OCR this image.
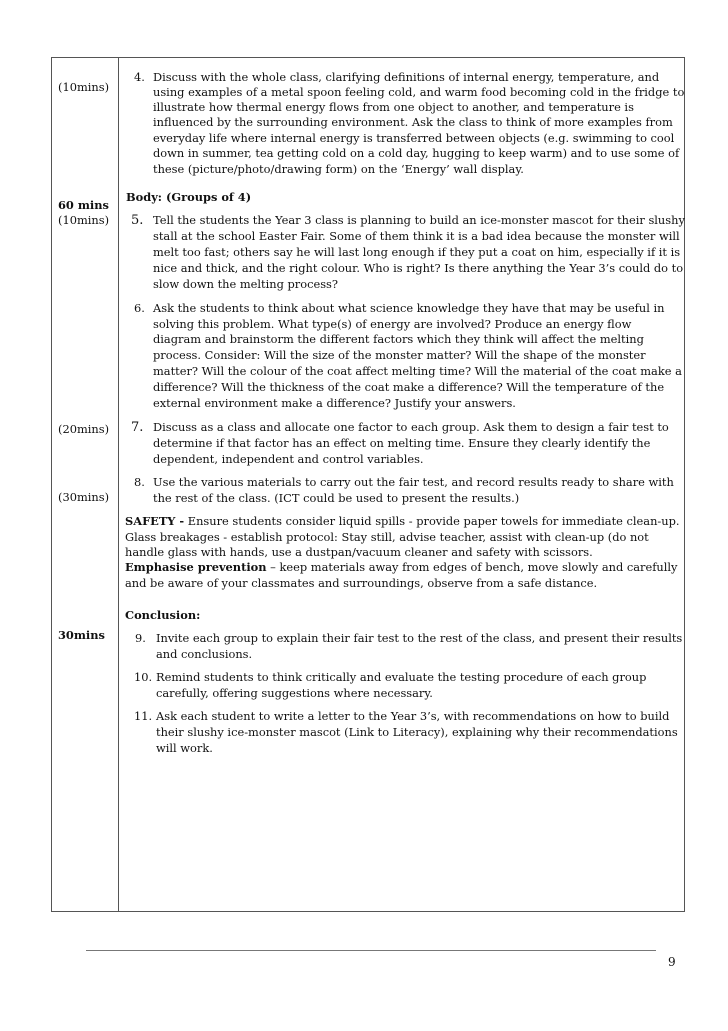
(10mins)
60 mins
(10mins)
(20mins)
(30mins)
30mins
4. Discuss with the whole class, clarifying definitions of internal energy, temperature, and
using examples of a metal spoon feeling cold, and warm food becoming cold in the fridge to
illustrate how thermal energy flows from one object to another, and temperature is
influenced by the surrounding environment. Ask the class to think of more examples from
everyday life where internal energy is transferred between objects (e.g. swimming to cool
down in summer, tea getting cold on a cold day, hugging to keep warm) and to use some of
these (picture/photo/drawing form) on the ‘Energy’ wall display.
Body: (Groups of 4)
5. Tell the students the Year 3 class is planning to build an ice-monster mascot for their slushy
stall at the school Easter Fair. Some of them think it is a bad idea because the monster will
melt too fast; others say he will last long enough if they put a coat on him, especially if it is
nice and thick, and the right colour. Who is right? Is there anything the Year 3’s could do to
slow down the melting process?
6. Ask the students to think about what science knowledge they have that may be useful in
solving this problem. What type(s) of energy are involved? Produce an energy flow
diagram and brainstorm the different factors which they think will affect the melting
process. Consider: Will the size of the monster matter? Will the shape of the monster
matter? Will the colour of the coat affect melting time? Will the material of the coat make a
difference? Will the thickness of the coat make a difference? Will the temperature of the
external environment make a difference? Justify your answers.
7. Discuss as a class and allocate one factor to each group. Ask them to design a fair test to
determine if that factor has an effect on melting time. Ensure they clearly identify the
dependent, independent and control variables.
8. Use the various materials to carry out the fair test, and record results ready to share with
the rest of the class. (ICT could be used to present the results.)
SAFETY - Ensure students consider liquid spills - provide paper towels for immediate clean-up.
Glass breakages - establish protocol: Stay still, advise teacher, assist with clean-up (do not
handle glass with hands, use a dustpan/vacuum cleaner and safety with scissors.
Emphasise prevention – keep materials away from edges of bench, move slowly and carefully
and be aware of your classmates and surroundings, observe from a safe distance.
Conclusion:
9. Invite each group to explain their fair test to the rest of the class, and present their results
and conclusions.
10. Remind students to think critically and evaluate the testing procedure of each group
carefully, offering suggestions where necessary.
11. Ask each student to write a letter to the Year 3’s, with recommendations on how to build
their slushy ice-monster mascot (Link to Literacy), explaining why their recommendations
will work.
9
